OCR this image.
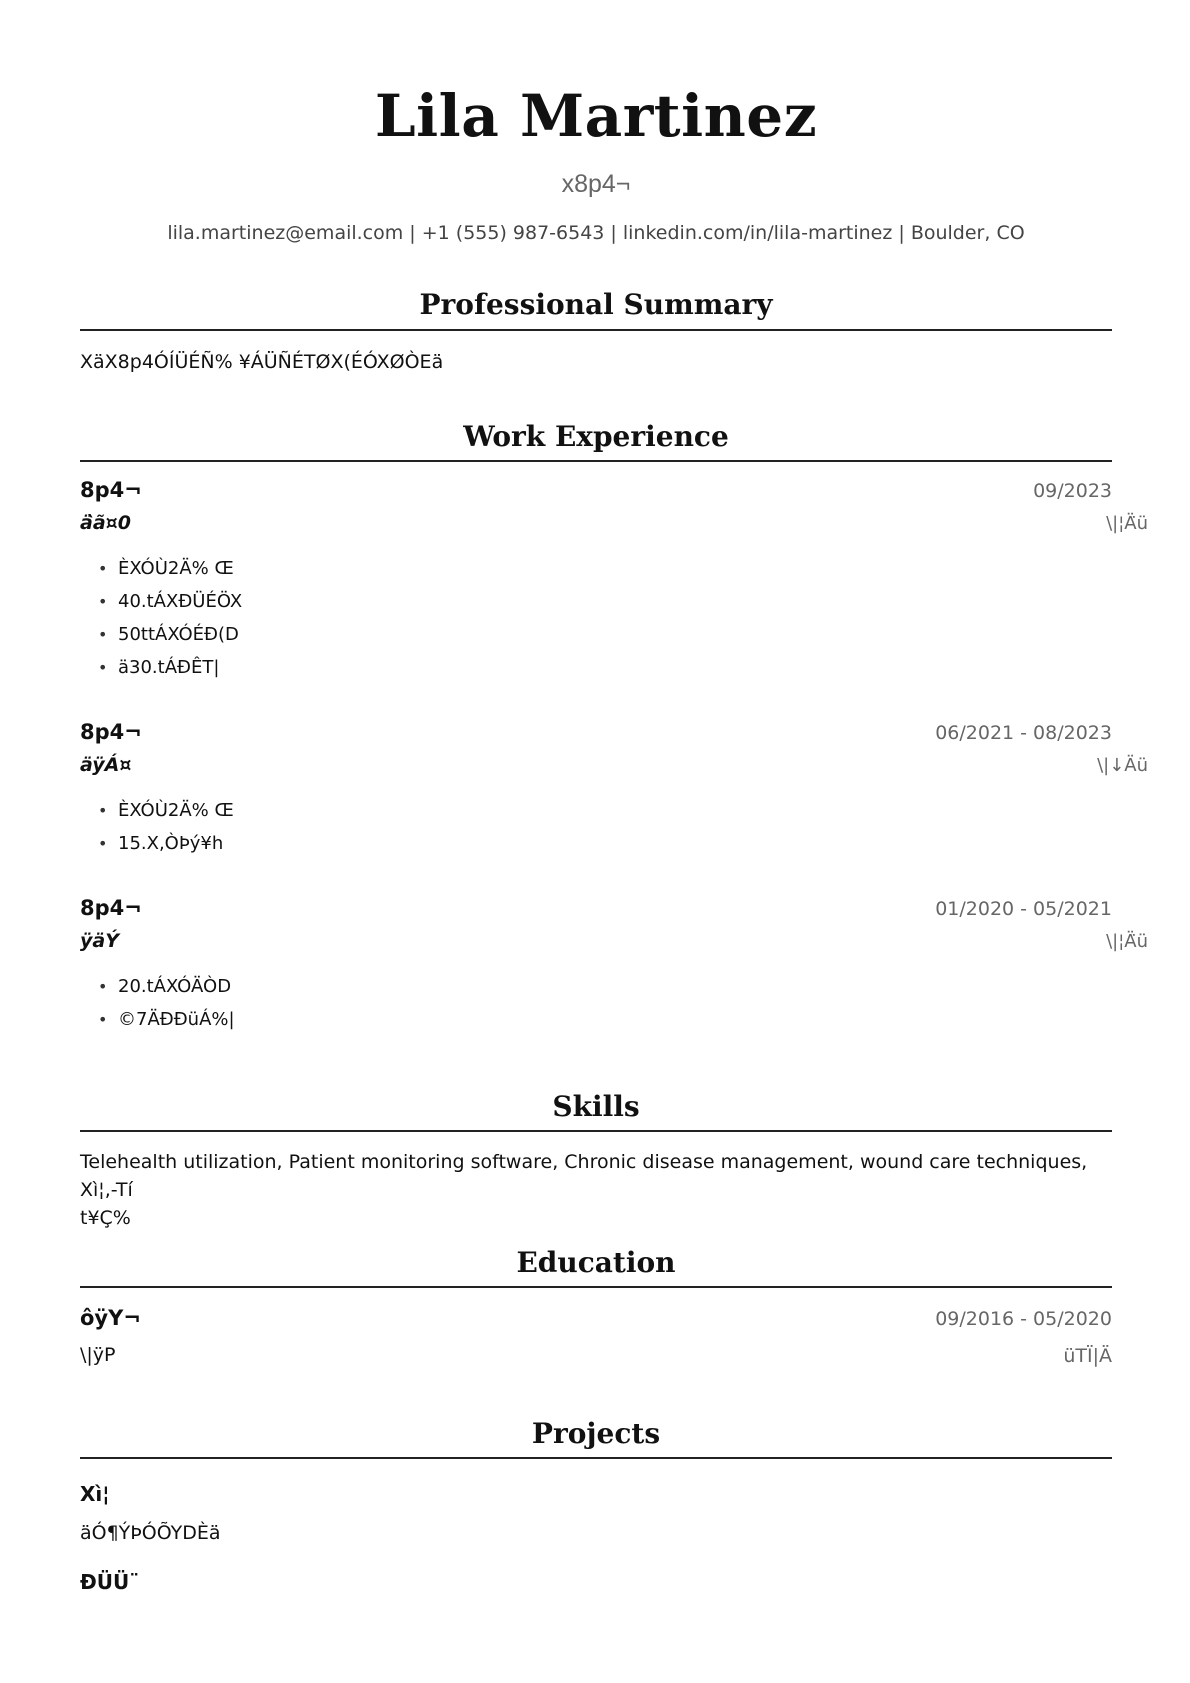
Lila Martinez
x8p4¬
lila.martinez@email.com | +1 (555) 987-6543 | linkedin.com/in/lila-martinez | Boulder, CO
Professional Summary
XäX8p4ÓÍÜÉÑ% ¥ÁÜÑÉTØX(ÉÓXØÒEä
Work Experience
8p4¬	09/2023
ä̀ã¤0	\|¦Ä̈ü
• ÈXÓÙ2Ä% Œ
• 40.tÁXÐÜÉÖX
• 50ttÁXÓÉÐ(D
• ä30.tÁÐÊT|
8p4¬	06/2021 - 08/2023
äÿÁ¤	\|↓Äü
• ÈXÓÙ2Ä% Œ
• 15.X,ÒÞý¥h
8p4¬	01/2020 - 05/2021
ÿäÝ	\|¦Ä̈ü
• 20.tÁXÓÄÒD
• ©7ÄÐÐüÁ%|
Skills
Telehealth utilization, Patient monitoring software, Chronic disease management, wound care techniques, Xì¦,-Tí
t¥Ç%
Education
ôÿY¬	09/2016 - 05/2020
\|ÿP	üTÏ|Ä
Projects
Xì¦
äÓ¶ÝÞÓÕYDÈä
ÐÜÜ¨
